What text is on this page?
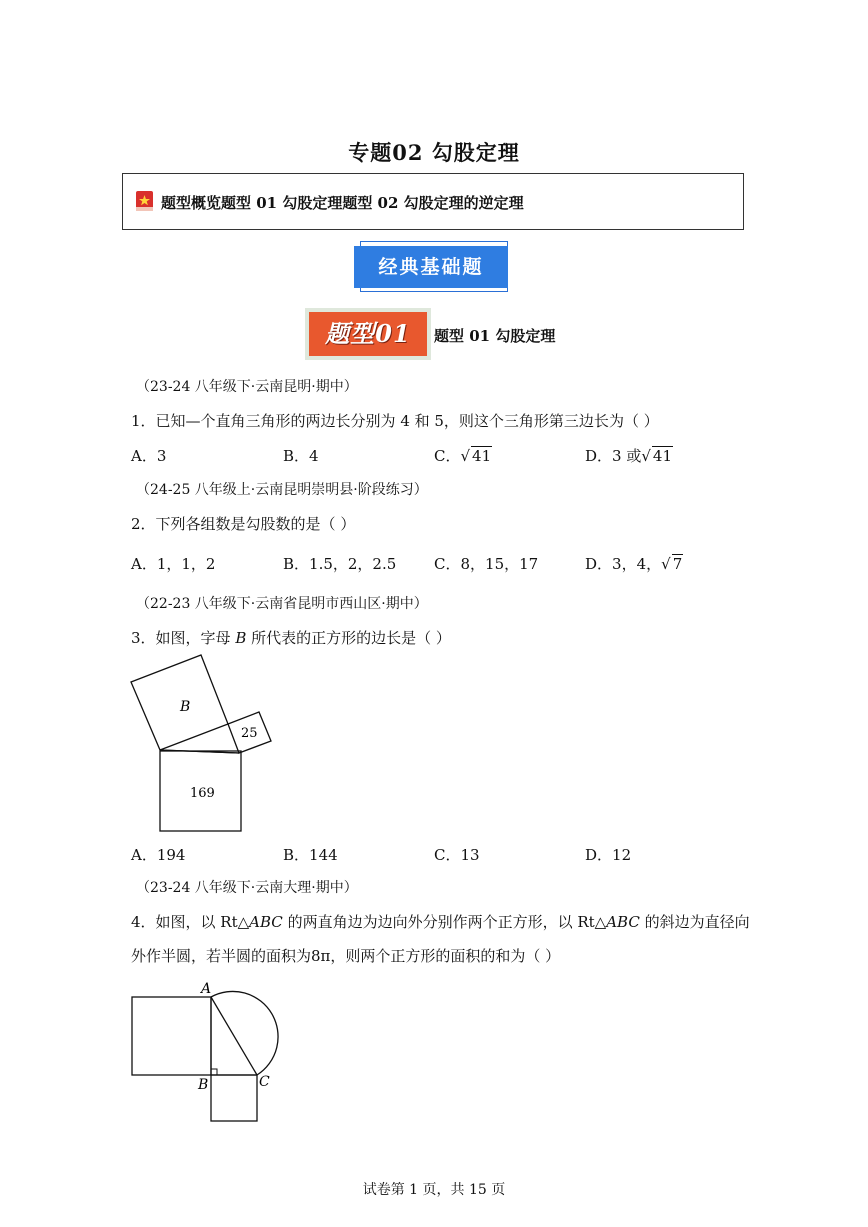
专题02 勾股定理
题型概览题型 01 勾股定理题型 02 勾股定理的逆定理
经典基础题
题型01	题型 01 勾股定理
（23-24 八年级下·云南昆明·期中）
1．已知—个直角三角形的两边长分别为 4 和 5，则这个三角形第三边长为（ ）
A．3	B．4	C．√ 41	D．3 或√ 41
（24-25 八年级上·云南昆明崇明县·阶段练习）
2．下列各组数是勾股数的是（ ）
A．1，1，2	B．1.5，2，2.5	C．8，15，17	D．3，4，√ 7
（22-23 八年级下·云南省昆明市西山区·期中）
3．如图，字母 B 所代表的正方形的边长是（ ）
B
25
169
A．194	B．144	C．13	D．12
（23-24 八年级下·云南大理·期中）
4．如图，以 Rt△ABC 的两直角边为边向外分别作两个正方形，以 Rt△ABC 的斜边为直径向
外作半圆，若半圆的面积为8π，则两个正方形的面积的和为（ ）
A
B	C
试卷第 1 页，共 15 页
